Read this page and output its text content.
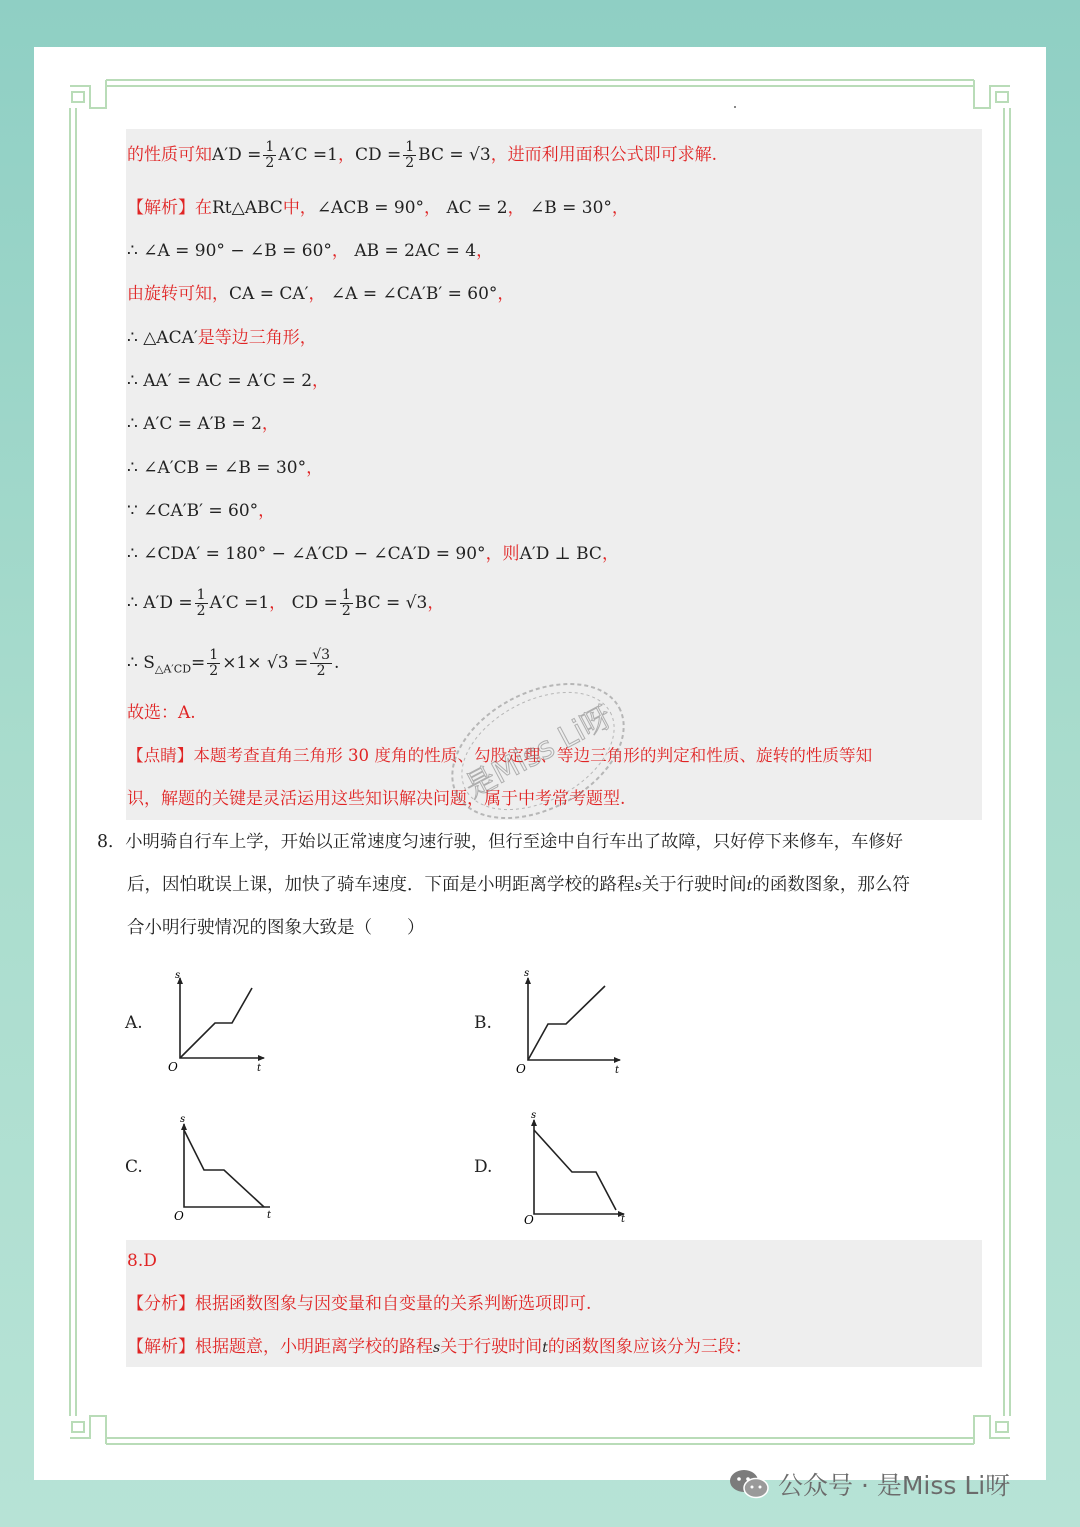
的性质可知$A'D = \frac{1}{2} A'C =1$，CD = $\frac{1}{2}$ BC = √3，进而利用面积公式即可求解.
【解析】在Rt△ABC中，∠ACB = 90°， AC = 2， ∠B = 30°，
∴ ∠A = 90° − ∠B = 60°， AB = 2AC = 4，
由旋转可知，CA = CA′， ∠A = ∠CA′B′ = 60°，
∴ △ACA′是等边三角形，
∴ AA′ = AC = A′C = 2，
∴ A′C = A′B = 2，
∴ ∠A′CB = ∠B = 30°，
∵ ∠CA′B′ = 60°，
∴ ∠CDA′ = 180° − ∠A′CD − ∠CA′D = 90°，则A′D ⊥ BC，
∴ $A'D = \frac{1}{2} A'C =1$， CD = $\frac{1}{2}$ BC = √3，
∴ $S_{\triangle A'CD}= \frac{1}{2} \times 1\times √3 = \frac{√3}{2}$ .
故选：A.
【点睛】本题考查直角三角形 30 度角的性质、勾股定理、等边三角形的判定和性质、旋转的性质等知
识，解题的关键是灵活运用这些知识解决问题，属于中考常考题型.
8．小明骑自行车上学，开始以正常速度匀速行驶，但行至途中自行车出了故障，只好停下来修车，车修好
后，因怕耽误上课，加快了骑车速度．下面是小明距离学校的路程s关于行驶时间t的函数图象，那么符
合小明行驶情况的图象大致是（　　）
A.	B.
C.	D.
s
t
O
s
t
O
s
t
O
s
t
O
8.D
【分析】根据函数图象与因变量和自变量的关系判断选项即可.
【解析】根据题意，小明距离学校的路程s关于行驶时间t的函数图象应该分为三段：
是Miss Li呀
公众号 · 是Miss Li呀
